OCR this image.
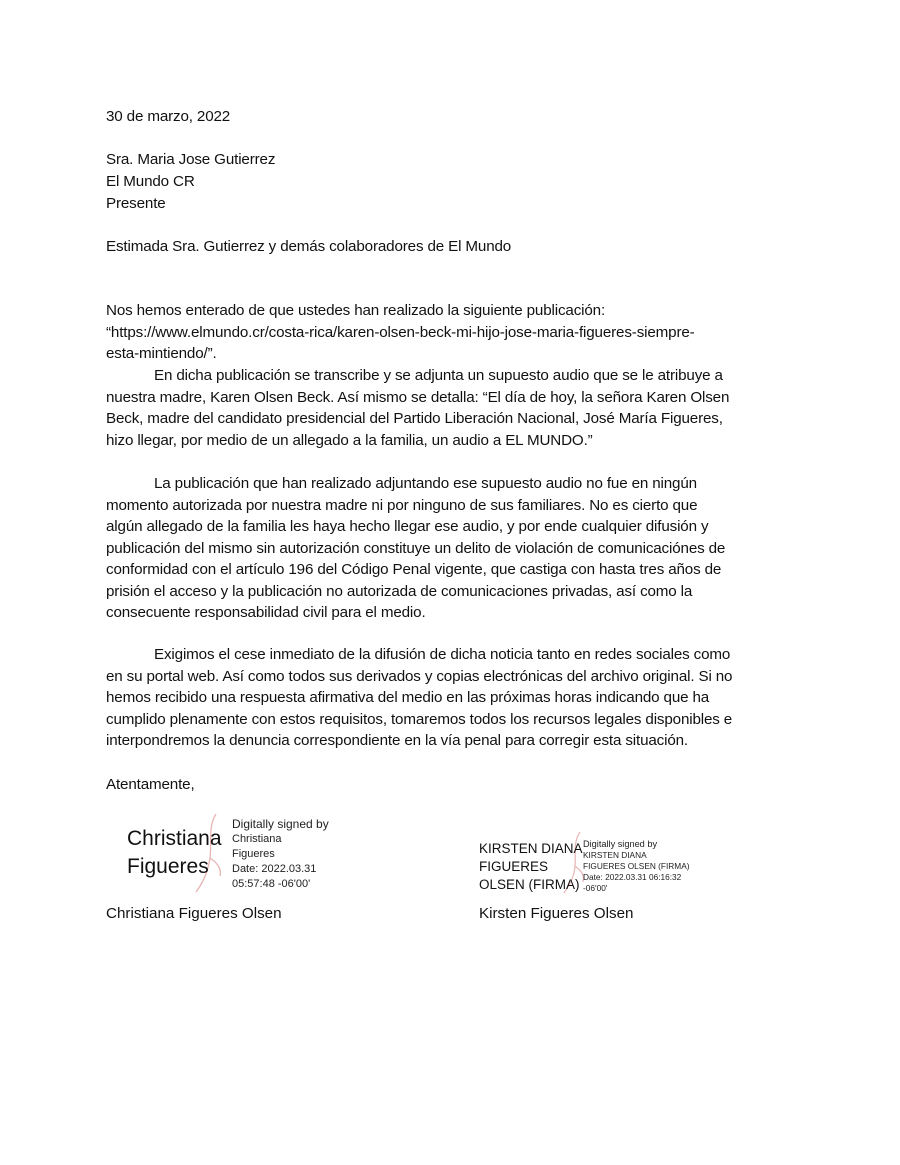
30 de marzo, 2022
Sra. Maria Jose Gutierrez
El Mundo CR
Presente
Estimada Sra. Gutierrez y demás colaboradores de El Mundo
Nos hemos enterado de que ustedes han realizado la siguiente publicación:
“https://www.elmundo.cr/costa-rica/karen-olsen-beck-mi-hijo-jose-maria-figueres-siempre-
esta-mintiendo/”.
En dicha publicación se transcribe y se adjunta un supuesto audio que se le atribuye a
nuestra madre, Karen Olsen Beck. Así mismo se detalla: “El día de hoy, la señora Karen Olsen
Beck, madre del candidato presidencial del Partido Liberación Nacional, José María Figueres,
hizo llegar, por medio de un allegado a la familia, un audio a EL MUNDO.”
La publicación que han realizado adjuntando ese supuesto audio no fue en ningún
momento autorizada por nuestra madre ni por ninguno de sus familiares. No es cierto que
algún allegado de la familia les haya hecho llegar ese audio, y por ende cualquier difusión y
publicación del mismo sin autorización constituye un delito de violación de comunicaciónes de
conformidad con el artículo 196 del Código Penal vigente, que castiga con hasta tres años de
prisión el acceso y la publicación no autorizada de comunicaciones privadas, así como la
consecuente responsabilidad civil para el medio.
Exigimos el cese inmediato de la difusión de dicha noticia tanto en redes sociales como
en su portal web. Así como todos sus derivados y copias electrónicas del archivo original. Si no
hemos recibido una respuesta afirmativa del medio en las próximas horas indicando que ha
cumplido plenamente con estos requisitos, tomaremos todos los recursos legales disponibles e
interpondremos la denuncia correspondiente en la vía penal para corregir esta situación.
Atentamente,
Christiana
Figueres
Digitally signed by
Christiana
Figueres
Date: 2022.03.31
05:57:48 -06'00'
Christiana Figueres Olsen
KIRSTEN DIANA
FIGUERES
OLSEN (FIRMA)
Digitally signed by
KIRSTEN DIANA
FIGUERES OLSEN (FIRMA)
Date: 2022.03.31 06:16:32
-06'00'
Kirsten Figueres Olsen
